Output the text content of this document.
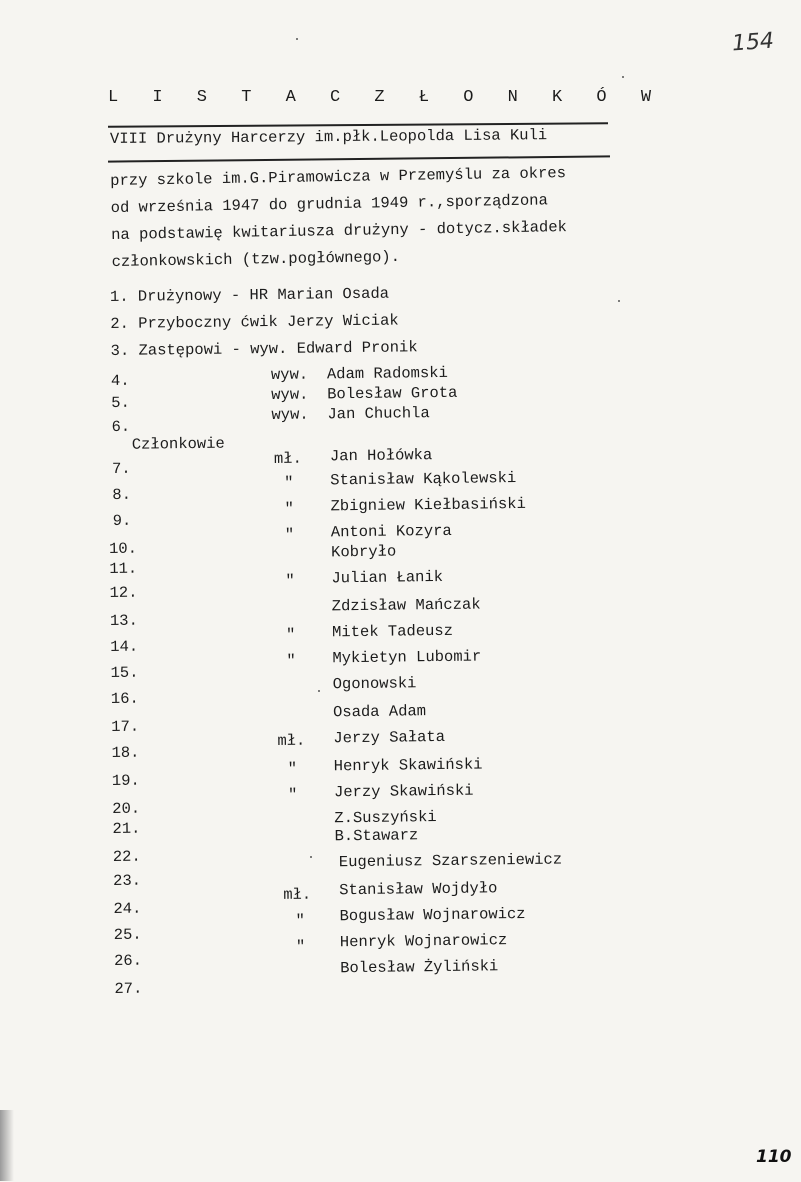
154
L I S T A C Z Ł O N K Ó W
VIII Drużyny Harcerzy im.płk.Leopolda Lisa Kuli
przy szkole im.G.Piramowicza w Przemyślu za okres
od września 1947 do grudnia 1949 r.,sporządzona
na podstawię kwitariusza drużyny - dotycz.składek
członkowskich (tzw.pogłównego).
1. Drużynowy - HR Marian Osada
2. Przyboczny ćwik Jerzy Wiciak
3. Zastępowi - wyw. Edward Pronik
4.	wyw. Adam Radomski
5.	wyw. Bolesław Grota
6.
wyw. Jan Chuchla
Członkowie
7.
mł. Jan Hołówka
8.
" Stanisław Kąkolewski
9.
" Zbigniew Kiełbasiński
10.
" Antoni Kozyra
11.
Kobryło
12.
" Julian Łanik
13.
Zdzisław Mańczak
14.
" Mitek Tadeusz
15.
" Mykietyn Lubomir
16.
Ogonowski
17.
Osada Adam
18.
mł. Jerzy Sałata
19.
" Henryk Skawiński
20.
" Jerzy Skawiński
21.
Z.Suszyński
22.
B.Stawarz
23.
Eugeniusz Szarszeniewicz
24.
mł. Stanisław Wojdyło
25.
" Bogusław Wojnarowicz
26.
" Henryk Wojnarowicz
27.
Bolesław Żyliński
110
